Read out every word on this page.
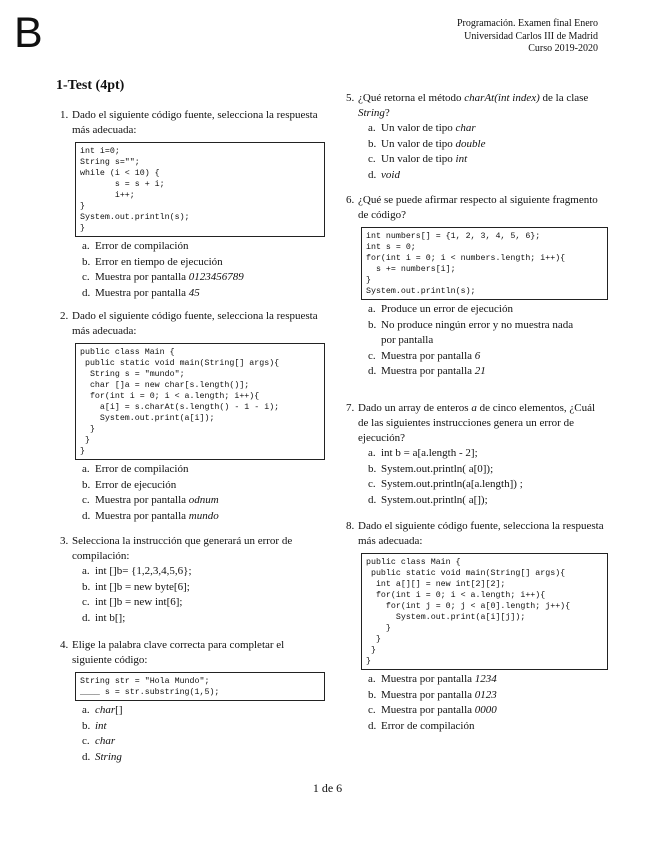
B	Programación. Examen final Enero
Universidad Carlos III de Madrid
Curso 2019-2020
1-Test (4pt)
1. Dado el siguiente código fuente, selecciona la respuesta más adecuada:
int i=0;
String s="";
while (i < 10) {
s = s + i;
i++;
}
System.out.println(s);
}
a. Error de compilación
b. Error en tiempo de ejecución
c. Muestra por pantalla 0123456789
d. Muestra por pantalla 45
2. Dado el siguiente código fuente, selecciona la respuesta más adecuada:
public class Main {
public static void main(String[] args){
String s = "mundo";
char []a = new char[s.length()];
for(int i = 0; i < a.length; i++){
a[i] = s.charAt(s.length() - 1 - i);
System.out.print(a[i]);
}
}
}
a. Error de compilación
b. Error de ejecución
c. Muestra por pantalla odnum
d. Muestra por pantalla mundo
3. Selecciona la instrucción que generará un error de compilación:
a. int []b= {1,2,3,4,5,6};
b. int []b = new byte[6];
c. int []b = new int[6];
d. int b[];
4. Elige la palabra clave correcta para completar el siguiente código:
String str = "Hola Mundo";
____ s = str.substring(1,5);
a. char[]
b. int
c. char
d. String
5. ¿Qué retorna el método charAt(int index) de la clase String?
a. Un valor de tipo char
b. Un valor de tipo double
c. Un valor de tipo int
d. void
6. ¿Qué se puede afirmar respecto al siguiente fragmento de código?
int numbers[] = {1, 2, 3, 4, 5, 6};
int s = 0;
for(int i = 0; i < numbers.length; i++){
s += numbers[i];
}
System.out.println(s);
a. Produce un error de ejecución
b. No produce ningún error y no muestra nada
por pantalla
c. Muestra por pantalla 6
d. Muestra por pantalla 21
7. Dado un array de enteros a de cinco elementos, ¿Cuál de las siguientes instrucciones genera un error de ejecución?
a. int b = a[a.length - 2];
b. System.out.println( a[0]);
c. System.out.println(a[a.length]) ;
d. System.out.println( a[]);
8. Dado el siguiente código fuente, selecciona la respuesta más adecuada:
public class Main {
public static void main(String[] args){
int a[][] = new int[2][2];
for(int i = 0; i < a.length; i++){
for(int j = 0; j < a[0].length; j++){
System.out.print(a[i][j]);
}
}
}
}
a. Muestra por pantalla 1234
b. Muestra por pantalla 0123
c. Muestra por pantalla 0000
d. Error de compilación
1 de 6
